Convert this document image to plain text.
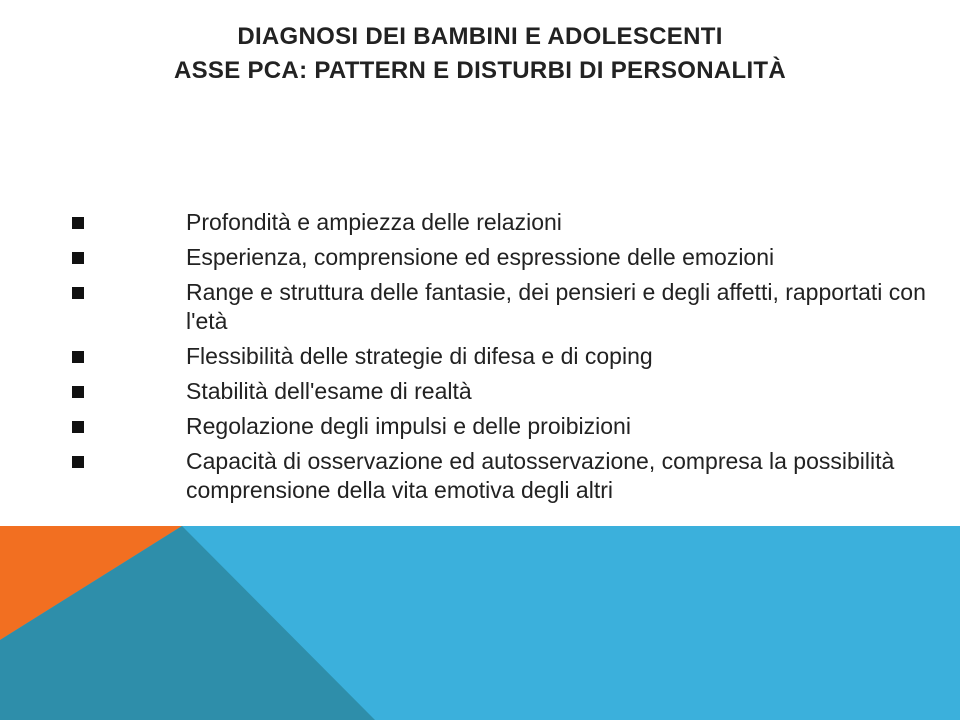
DIAGNOSI DEI BAMBINI E ADOLESCENTI
ASSE PCA: PATTERN E DISTURBI DI PERSONALITÀ
Profondità e ampiezza delle relazioni
Esperienza, comprensione ed espressione delle emozioni
Range e struttura delle fantasie, dei pensieri e degli affetti, rapportati con l'età
Flessibilità delle strategie di difesa e di coping
Stabilità dell'esame di realtà
Regolazione degli impulsi e delle proibizioni
Capacità di osservazione ed autosservazione, compresa la possibilità comprensione della vita emotiva degli altri
